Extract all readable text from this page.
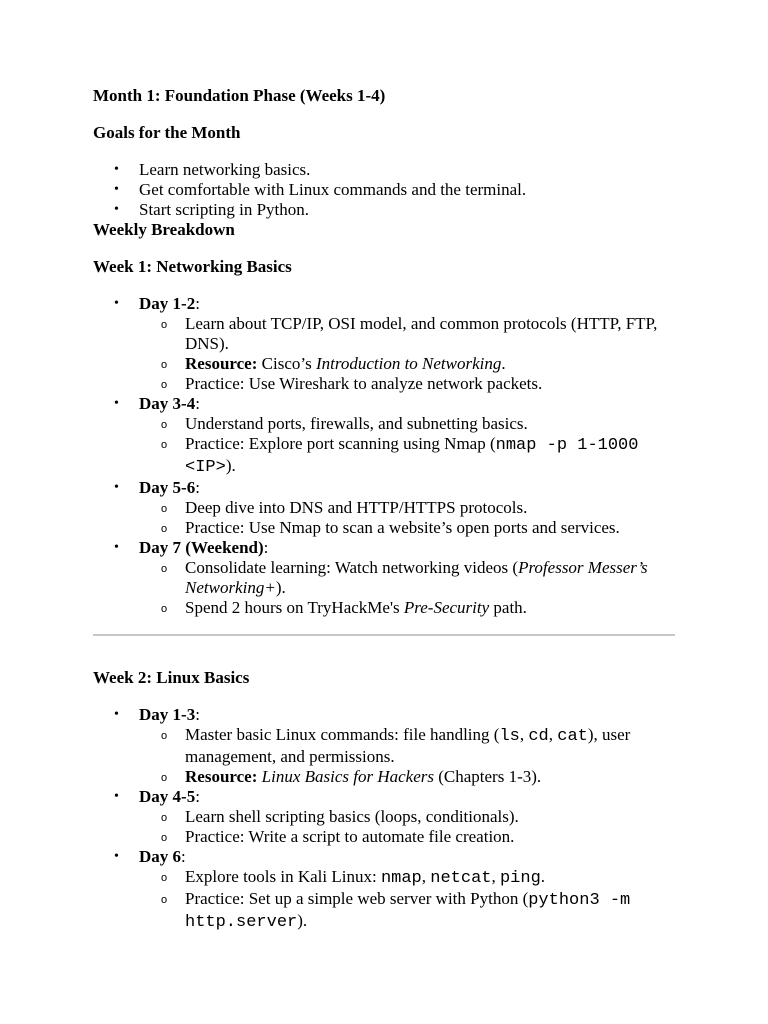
Month 1: Foundation Phase (Weeks 1-4)

Goals for the Month

• Learn networking basics.
• Get comfortable with Linux commands and the terminal.
• Start scripting in Python.

Weekly Breakdown

Week 1: Networking Basics

• Day 1-2:
o Learn about TCP/IP, OSI model, and common protocols (HTTP, FTP, DNS).
o Resource: Cisco’s Introduction to Networking.
o Practice: Use Wireshark to analyze network packets.
• Day 3-4:
o Understand ports, firewalls, and subnetting basics.
o Practice: Explore port scanning using Nmap (nmap -p 1-1000 <IP>).
• Day 5-6:
o Deep dive into DNS and HTTP/HTTPS protocols.
o Practice: Use Nmap to scan a website’s open ports and services.
• Day 7 (Weekend):
o Consolidate learning: Watch networking videos (Professor Messer’s Networking+).
o Spend 2 hours on TryHackMe's Pre-Security path.

Week 2: Linux Basics

• Day 1-3:
o Master basic Linux commands: file handling (ls, cd, cat), user management, and permissions.
o Resource: Linux Basics for Hackers (Chapters 1-3).
• Day 4-5:
o Learn shell scripting basics (loops, conditionals).
o Practice: Write a script to automate file creation.
• Day 6:
o Explore tools in Kali Linux: nmap, netcat, ping.
o Practice: Set up a simple web server with Python (python3 -m http.server).
